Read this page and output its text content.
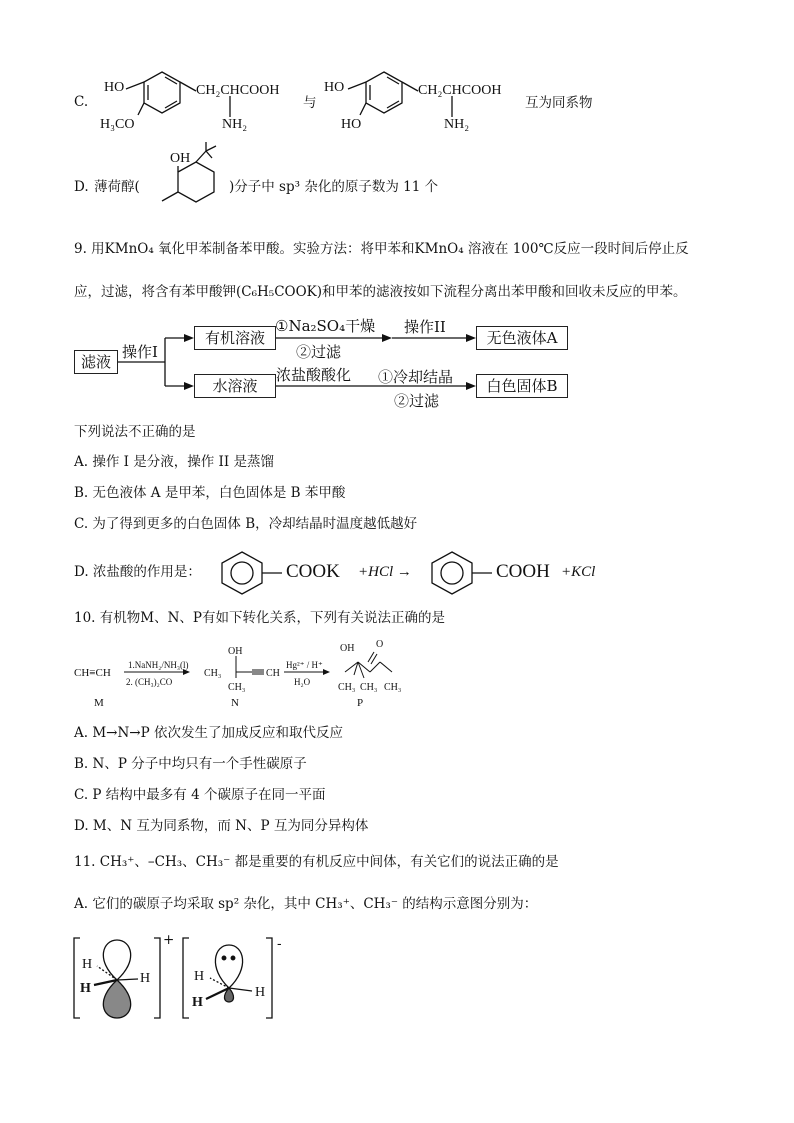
C.
HO	CH₂CHCOOH
NH₂
H₃CO
与
HO	CH₂CHCOOH
NH₂
HO
互为同系物
D. 薄荷醇(
OH
)分子中 sp³ 杂化的原子数为 11 个
9. 用KMnO₄ 氧化甲苯制备苯甲酸。实验方法：将甲苯和KMnO₄ 溶液在 100℃反应一段时间后停止反
应，过滤，将含有苯甲酸钾(C₆H₅COOK)和甲苯的滤液按如下流程分离出苯甲酸和回收未反应的甲苯。
滤液
操作I
有机溶液
①Na₂SO₄干燥
②过滤
操作II
无色液体A
水溶液
浓盐酸酸化 ①冷却结晶
②过滤
白色固体B
下列说法不正确的是
A. 操作 I 是分液，操作 II 是蒸馏
B. 无色液体 A 是甲苯，白色固体是 B 苯甲酸
C. 为了得到更多的白色固体 B，冷却结晶时温度越低越好
D. 浓盐酸的作用是：	COOK +HCl →	COOH +KCl
10. 有机物M、N、P有如下转化关系，下列有关说法正确的是
CH≡CH
M
1.NaNH₂/NH₃(l)
2. (CH₃)₂CO
OH
CH₃	CH
CH₃
N
Hg²⁺ / H⁺
H₂O
OH O
CH₃ CH₃ CH₃
P
A. M→N→P 依次发生了加成反应和取代反应
B. N、P 分子中均只有一个手性碳原子
C. P 结构中最多有 4 个碳原子在同一平面
D. M、N 互为同系物，而 N、P 互为同分异构体
11. CH₃⁺、–CH₃、CH₃⁻ 都是重要的有机反应中间体，有关它们的说法正确的是
A. 它们的碳原子均采取 sp² 杂化，其中 CH₃⁺、CH₃⁻ 的结构示意图分别为：
H
H
H
+
H
H
H
-
